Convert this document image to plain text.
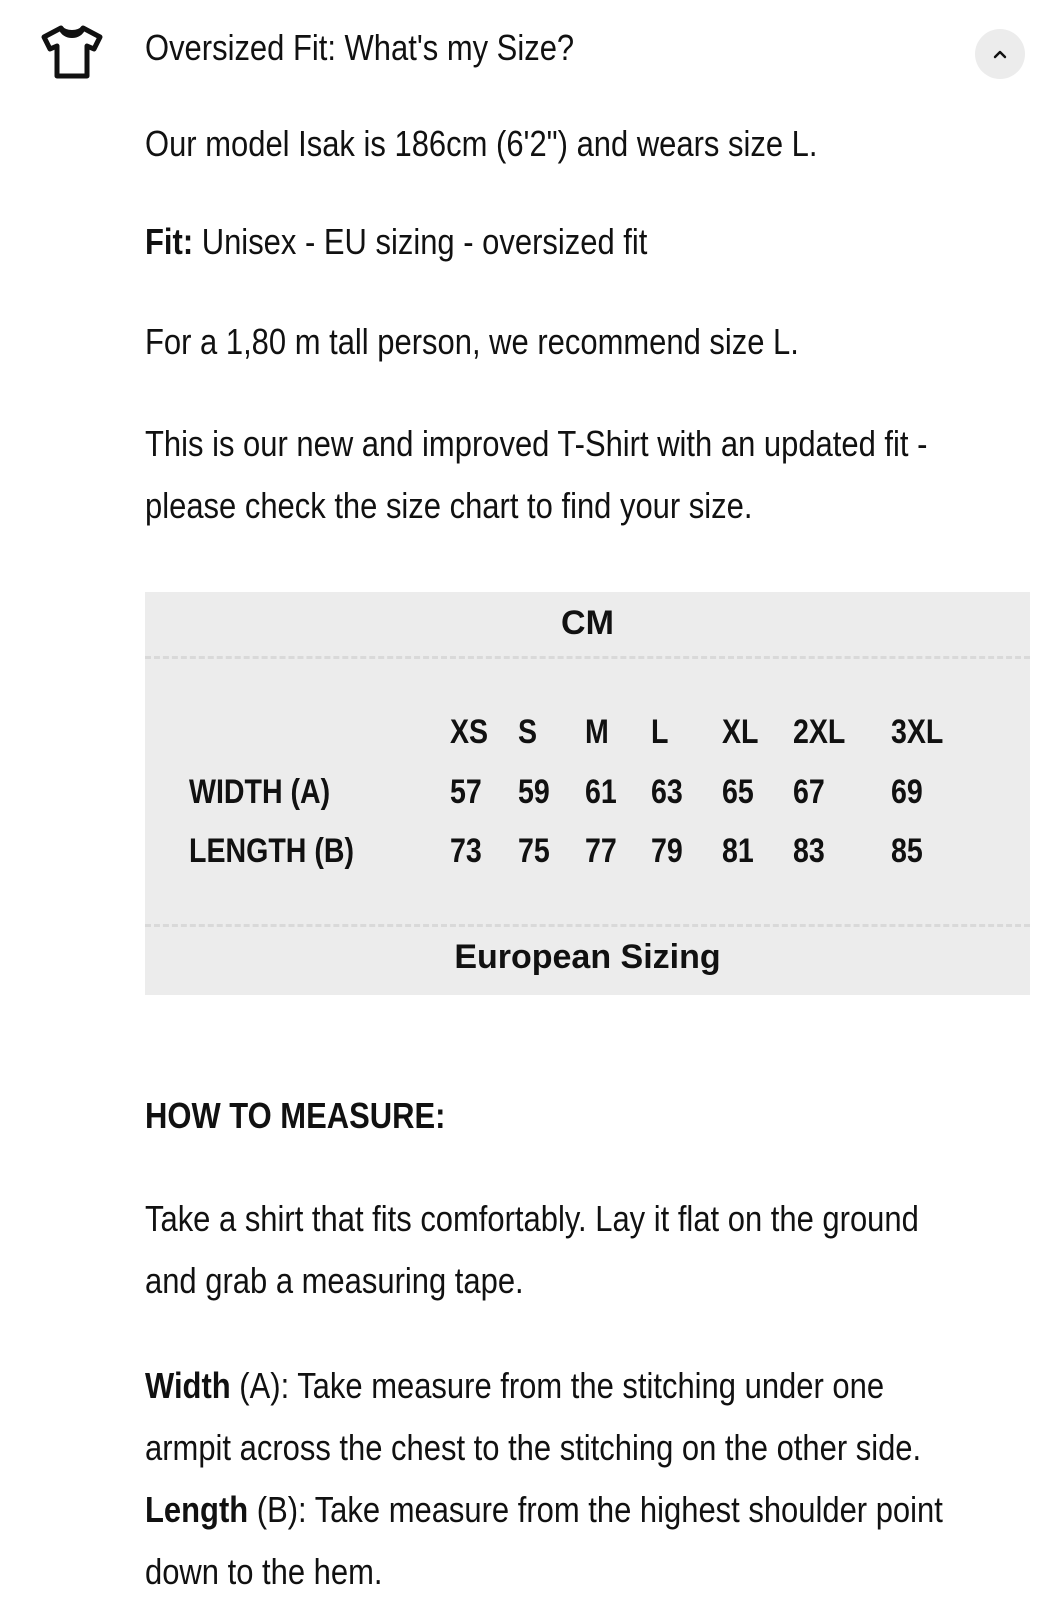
Oversized Fit: What's my Size?

Our model Isak is 186cm (6'2") and wears size L.

Fit: Unisex - EU sizing - oversized fit

For a 1,80 m tall person, we recommend size L.

This is our new and improved T-Shirt with an updated fit -

please check the size chart to find your size.

CM
XS S M L XL 2XL 3XL
WIDTH (A)	57 59 61 63 65 67 69
LENGTH (B)	73 75 77 79 81 83 85
European Sizing
HOW TO MEASURE:

Take a shirt that fits comfortably. Lay it flat on the ground

and grab a measuring tape.

Width (A): Take measure from the stitching under one

armpit across the chest to the stitching on the other side.

Length (B): Take measure from the highest shoulder point

down to the hem.
